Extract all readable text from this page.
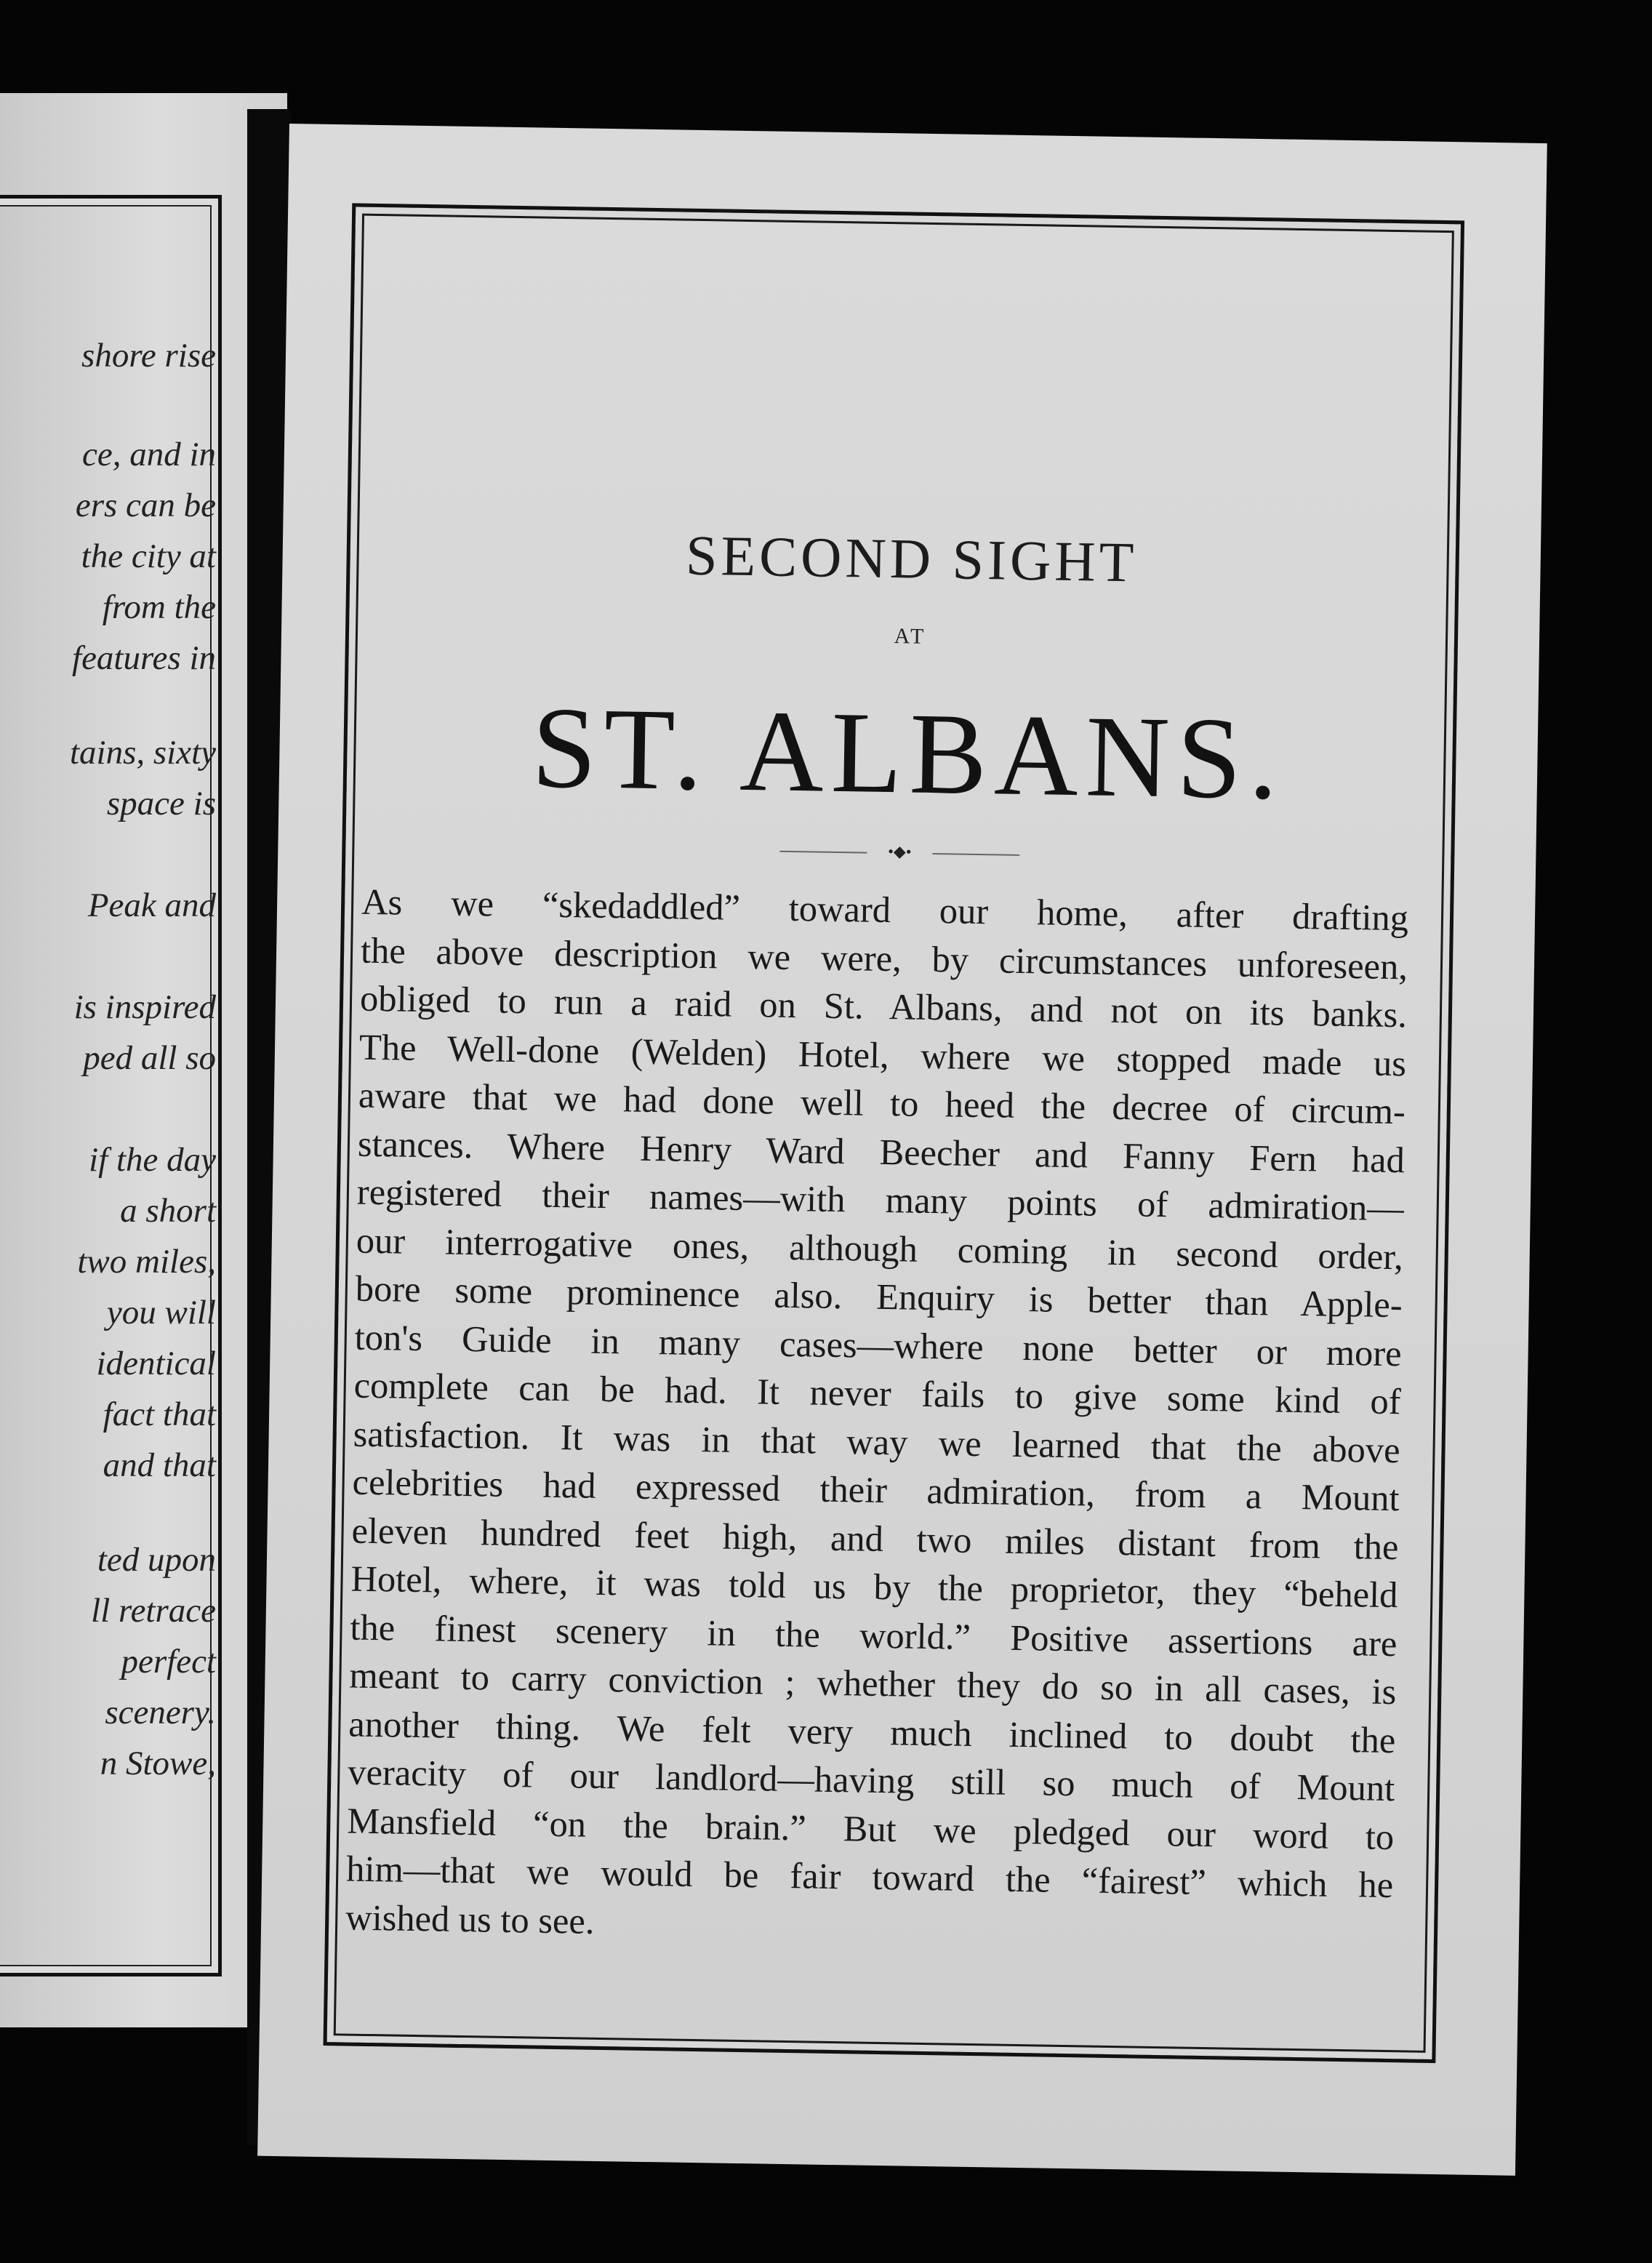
shore rise
ce, and in
ers can be
the city at
from the
features in
tains, sixty
space is
Peak and
is inspired
ped all so
if the day
a short
two miles,
you will
identical
fact that
and that
ted upon
ll retrace
perfect
scenery.
n Stowe,
SECOND SIGHT
AT
ST. ALBANS.
•◆•
As we “skedaddled” toward our home, after drafting
the above description we were, by circumstances unforeseen,
obliged to run a raid on St. Albans, and not on its banks.
The Well-done (Welden) Hotel, where we stopped made us
aware that we had done well to heed the decree of circum-
stances. Where Henry Ward Beecher and Fanny Fern had
registered their names—with many points of admiration—
our interrogative ones, although coming in second order,
bore some prominence also. Enquiry is better than Apple-
ton's Guide in many cases—where none better or more
complete can be had. It never fails to give some kind of
satisfaction. It was in that way we learned that the above
celebrities had expressed their admiration, from a Mount
eleven hundred feet high, and two miles distant from the
Hotel, where, it was told us by the proprietor, they “beheld
the finest scenery in the world.” Positive assertions are
meant to carry conviction ; whether they do so in all cases, is
another thing. We felt very much inclined to doubt the
veracity of our landlord—having still so much of Mount
Mansfield “on the brain.” But we pledged our word to
him—that we would be fair toward the “fairest” which he
wished us to see.
